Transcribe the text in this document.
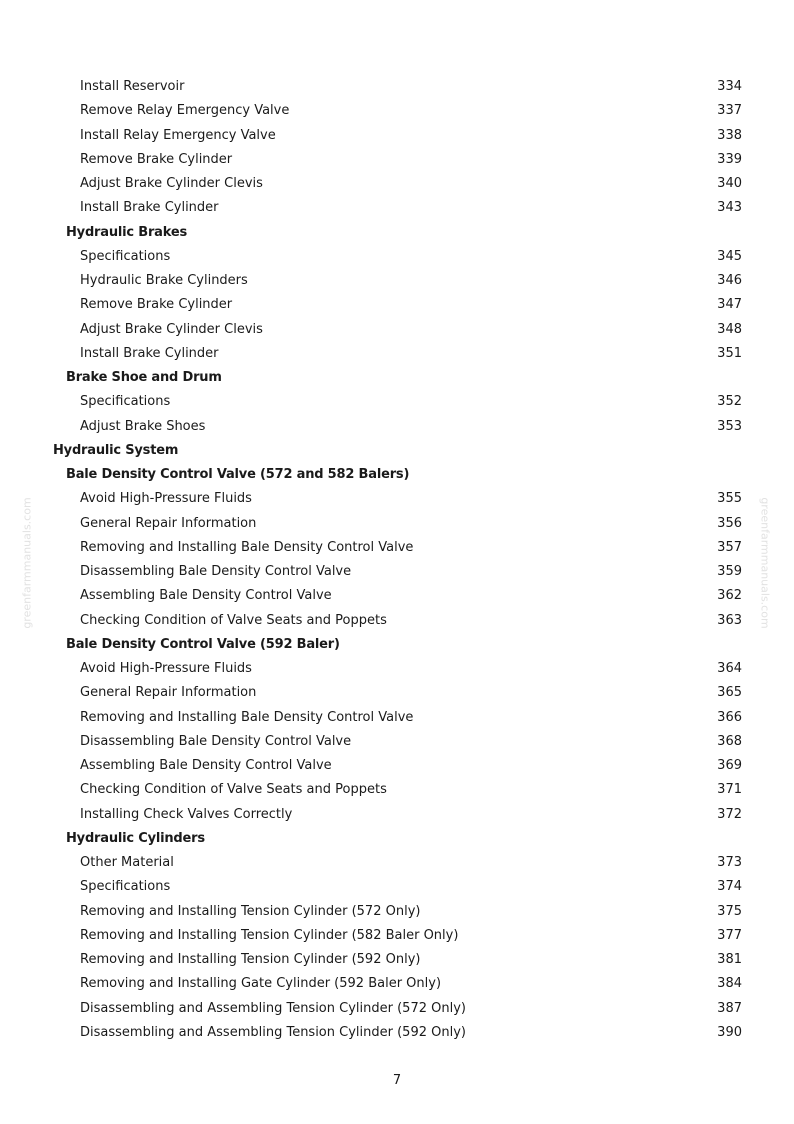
greenfarmmanuals.com	greenfarmmanuals.com
Install Reservoir	334
Remove Relay Emergency Valve	337
Install Relay Emergency Valve	338
Remove Brake Cylinder	339
Adjust Brake Cylinder Clevis	340
Install Brake Cylinder	343
Hydraulic Brakes
Specifications	345
Hydraulic Brake Cylinders	346
Remove Brake Cylinder	347
Adjust Brake Cylinder Clevis	348
Install Brake Cylinder	351
Brake Shoe and Drum
Specifications	352
Adjust Brake Shoes	353
Hydraulic System
Bale Density Control Valve (572 and 582 Balers)
Avoid High-Pressure Fluids	355
General Repair Information	356
Removing and Installing Bale Density Control Valve	357
Disassembling Bale Density Control Valve	359
Assembling Bale Density Control Valve	362
Checking Condition of Valve Seats and Poppets	363
Bale Density Control Valve (592 Baler)
Avoid High-Pressure Fluids	364
General Repair Information	365
Removing and Installing Bale Density Control Valve	366
Disassembling Bale Density Control Valve	368
Assembling Bale Density Control Valve	369
Checking Condition of Valve Seats and Poppets	371
Installing Check Valves Correctly	372
Hydraulic Cylinders
Other Material	373
Specifications	374
Removing and Installing Tension Cylinder (572 Only)	375
Removing and Installing Tension Cylinder (582 Baler Only)	377
Removing and Installing Tension Cylinder (592 Only)	381
Removing and Installing Gate Cylinder (592 Baler Only)	384
Disassembling and Assembling Tension Cylinder (572 Only)	387
Disassembling and Assembling Tension Cylinder (592 Only)	390
7
